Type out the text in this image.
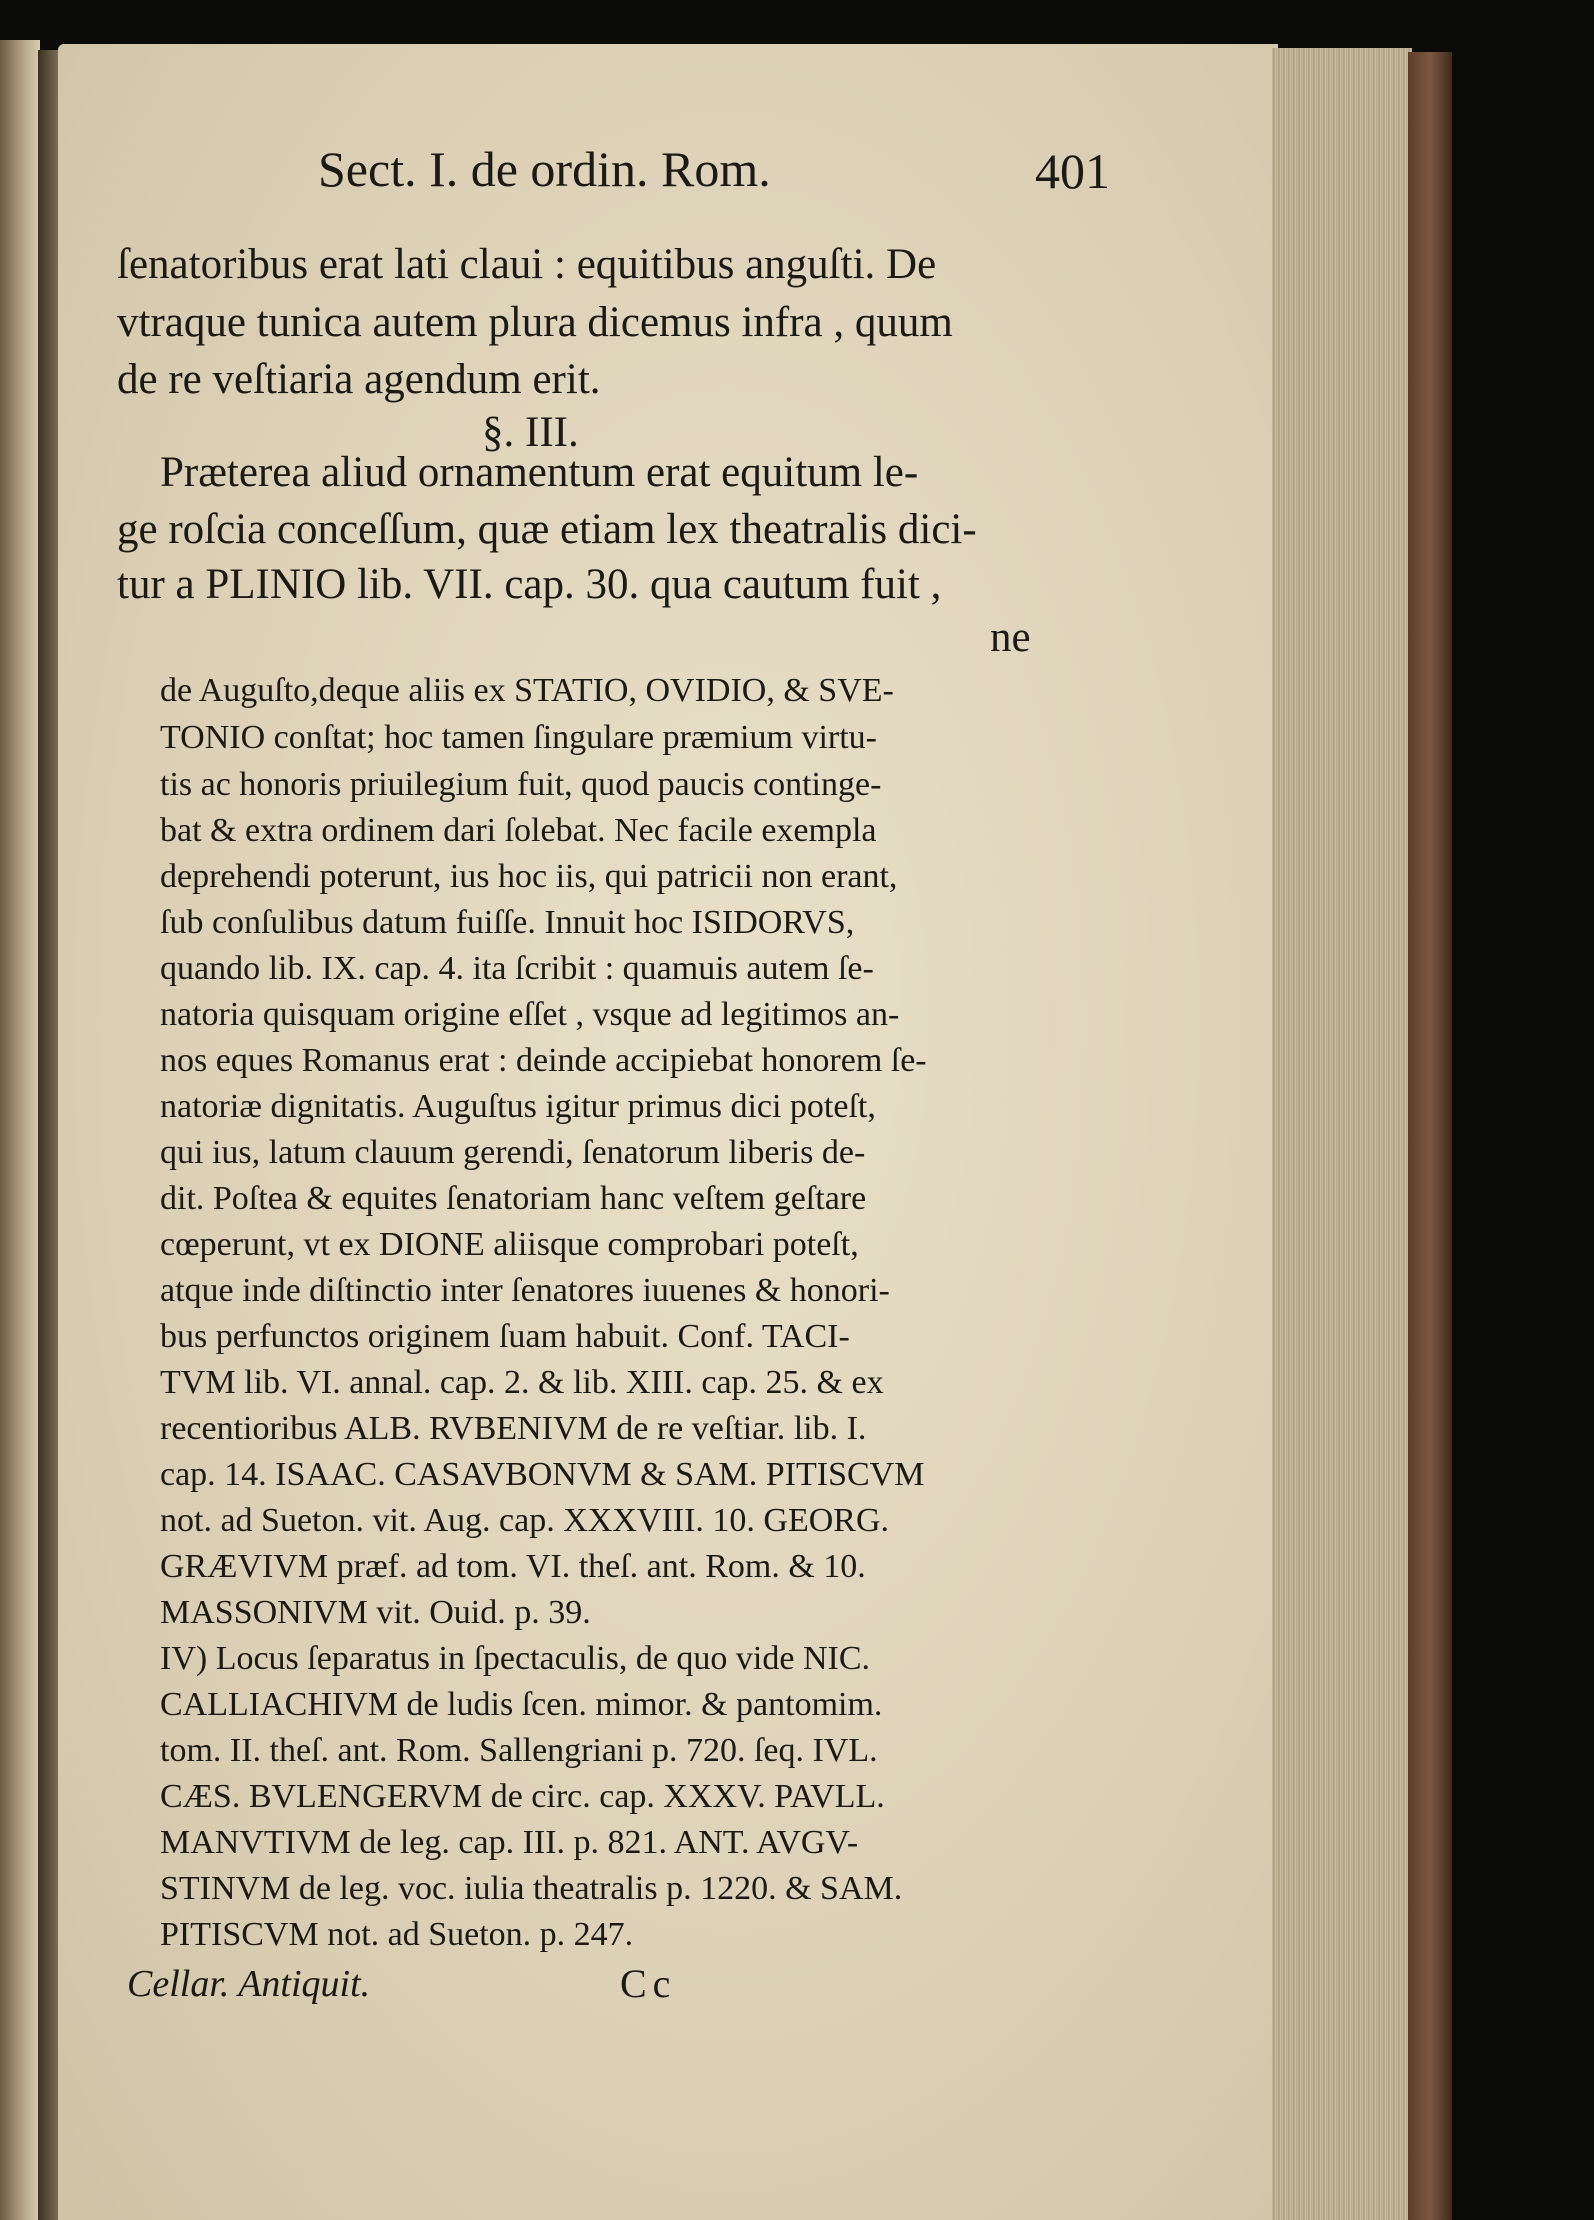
Sect. I. de ordin. Rom.	401
ſenatoribus erat lati claui : equitibus anguſti. De
vtraque tunica autem plura dicemus infra , quum
de re veſtiaria agendum erit.
§. III.
Præterea aliud ornamentum erat equitum le-
ge roſcia conceſſum, quæ etiam lex theatralis dici-
tur a PLINIO lib. VII. cap. 30. qua cautum fuit ,
ne
de Auguſto,deque aliis ex STATIO, OVIDIO, & SVE-
TONIO conſtat; hoc tamen ſingulare præmium virtu-
tis ac honoris priuilegium fuit, quod paucis continge-
bat & extra ordinem dari ſolebat. Nec facile exempla
deprehendi poterunt, ius hoc iis, qui patricii non erant,
ſub conſulibus datum fuiſſe. Innuit hoc ISIDORVS,
quando lib. IX. cap. 4. ita ſcribit : quamuis autem ſe-
natoria quisquam origine eſſet , vsque ad legitimos an-
nos eques Romanus erat : deinde accipiebat honorem ſe-
natoriæ dignitatis. Auguſtus igitur primus dici poteſt,
qui ius, latum clauum gerendi, ſenatorum liberis de-
dit. Poſtea & equites ſenatoriam hanc veſtem geſtare
cœperunt, vt ex DIONE aliisque comprobari poteſt,
atque inde diſtinctio inter ſenatores iuuenes & honori-
bus perfunctos originem ſuam habuit. Conf. TACI-
TVM lib. VI. annal. cap. 2. & lib. XIII. cap. 25. & ex
recentioribus ALB. RVBENIVM de re veſtiar. lib. I.
cap. 14. ISAAC. CASAVBONVM & SAM. PITISCVM
not. ad Sueton. vit. Aug. cap. XXXVIII. 10. GEORG.
GRÆVIVM præf. ad tom. VI. theſ. ant. Rom. & 10.
MASSONIVM vit. Ouid. p. 39.
IV) Locus ſeparatus in ſpectaculis, de quo vide NIC.
CALLIACHIVM de ludis ſcen. mimor. & pantomim.
tom. II. theſ. ant. Rom. Sallengriani p. 720. ſeq. IVL.
CÆS. BVLENGERVM de circ. cap. XXXV. PAVLL.
MANVTIVM de leg. cap. III. p. 821. ANT. AVGV-
STINVM de leg. voc. iulia theatralis p. 1220. & SAM.
PITISCVM not. ad Sueton. p. 247.
Cellar. Antiquit.	Cc
